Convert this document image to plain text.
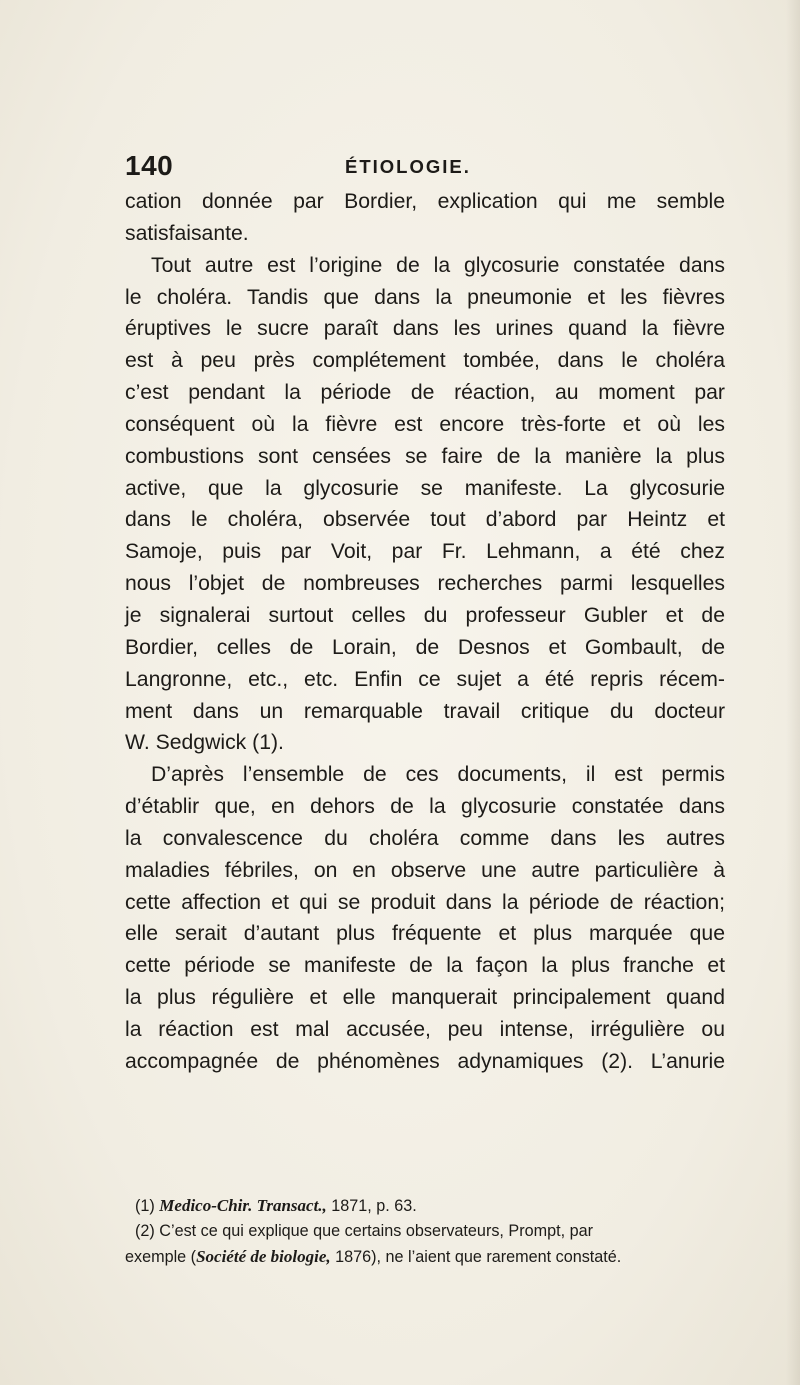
140	ÉTIOLOGIE.

cation donnée par Bordier, explication qui me semble

satisfaisante.

Tout autre est l’origine de la glycosurie constatée dans

le choléra. Tandis que dans la pneumonie et les fièvres

éruptives le sucre paraît dans les urines quand la fièvre

est à peu près complétement tombée, dans le choléra

c’est pendant la période de réaction, au moment par

conséquent où la fièvre est encore très-forte et où les

combustions sont censées se faire de la manière la plus

active, que la glycosurie se manifeste. La glycosurie

dans le choléra, observée tout d’abord par Heintz et

Samoje, puis par Voit, par Fr. Lehmann, a été chez

nous l’objet de nombreuses recherches parmi lesquelles

je signalerai surtout celles du professeur Gubler et de

Bordier, celles de Lorain, de Desnos et Gombault, de

Langronne, etc., etc. Enfin ce sujet a été repris récem-

ment dans un remarquable travail critique du docteur

W. Sedgwick (1).

D’après l’ensemble de ces documents, il est permis

d’établir que, en dehors de la glycosurie constatée dans

la convalescence du choléra comme dans les autres

maladies fébriles, on en observe une autre particulière à

cette affection et qui se produit dans la période de réaction;

elle serait d’autant plus fréquente et plus marquée que

cette période se manifeste de la façon la plus franche et

la plus régulière et elle manquerait principalement quand

la réaction est mal accusée, peu intense, irrégulière ou

accompagnée de phénomènes adynamiques (2). L’anurie

(1) Medico-Chir. Transact., 1871, p. 63.

(2) C’est ce qui explique que certains observateurs, Prompt, par

exemple (Société de biologie, 1876), ne l’aient que rarement constaté.
